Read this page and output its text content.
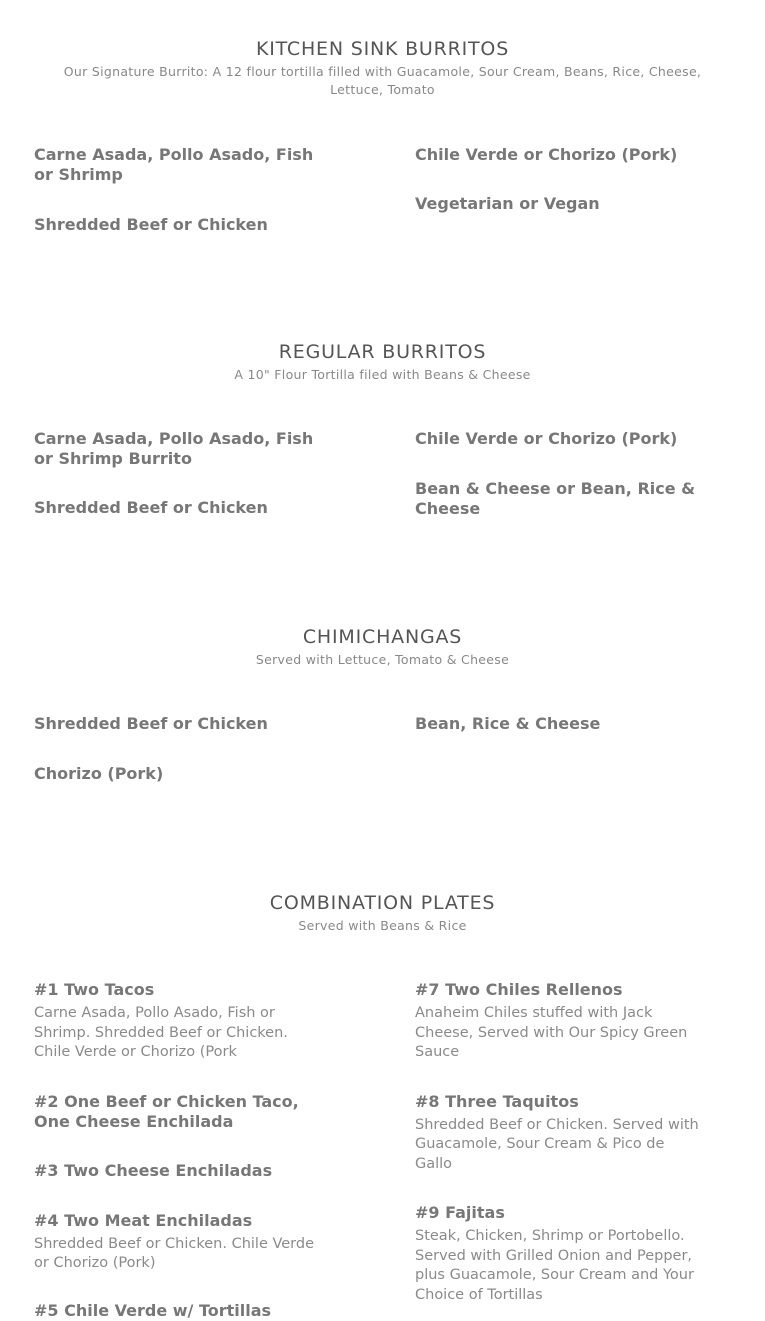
KITCHEN SINK BURRITOS

Our Signature Burrito: A 12 flour tortilla filled with Guacamole, Sour Cream, Beans, Rice, Cheese, Lettuce, Tomato

Carne Asada, Pollo Asado, Fish or Shrimp

Shredded Beef or Chicken

Chile Verde or Chorizo (Pork)

Vegetarian or Vegan

REGULAR BURRITOS

A 10" Flour Tortilla filed with Beans & Cheese

Carne Asada, Pollo Asado, Fish or Shrimp Burrito

Shredded Beef or Chicken

Chile Verde or Chorizo (Pork)

Bean & Cheese or Bean, Rice & Cheese

CHIMICHANGAS

Served with Lettuce, Tomato & Cheese

Shredded Beef or Chicken

Chorizo (Pork)

Bean, Rice & Cheese

COMBINATION PLATES

Served with Beans & Rice

#1 Two Tacos

Carne Asada, Pollo Asado, Fish or Shrimp. Shredded Beef or Chicken. Chile Verde or Chorizo (Pork

#2 One Beef or Chicken Taco, One Cheese Enchilada

#3 Two Cheese Enchiladas

#4 Two Meat Enchiladas

Shredded Beef or Chicken. Chile Verde or Chorizo (Pork)

#5 Chile Verde w/ Tortillas

#7 Two Chiles Rellenos

Anaheim Chiles stuffed with Jack Cheese, Served with Our Spicy Green Sauce

#8 Three Taquitos

Shredded Beef or Chicken. Served with Guacamole, Sour Cream & Pico de Gallo

#9 Fajitas

Steak, Chicken, Shrimp or Portobello. Served with Grilled Onion and Pepper, plus Guacamole, Sour Cream and Your Choice of Tortillas
